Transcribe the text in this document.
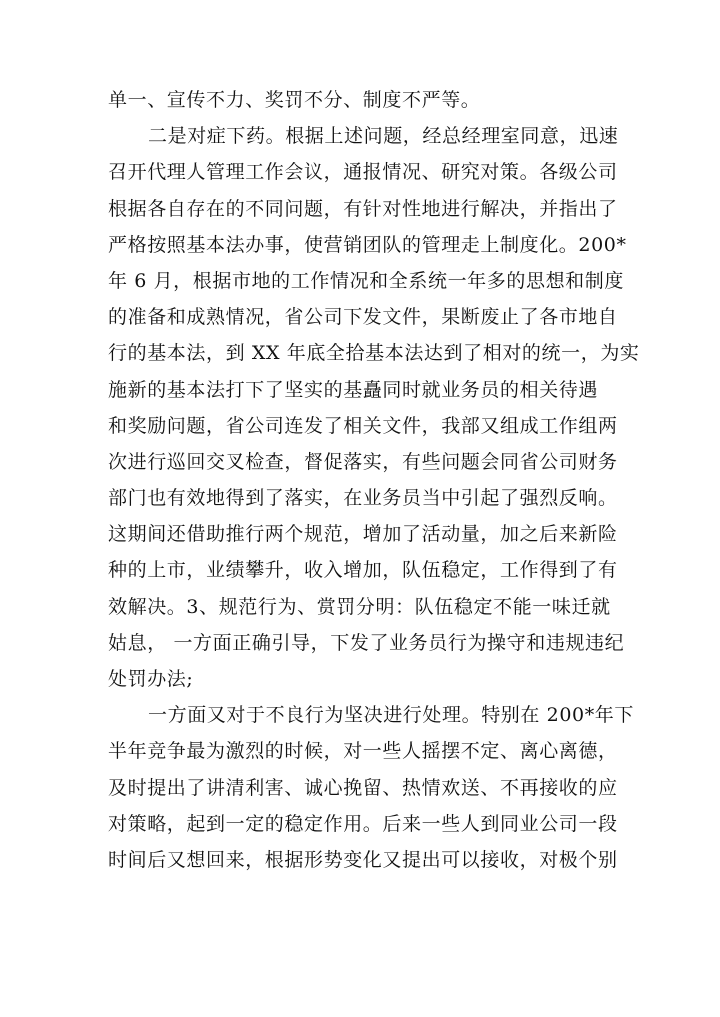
单一、宣传不力、奖罚不分、制度不严等。
二是对症下药。根据上述问题，经总经理室同意，迅速
召开代理人管理工作会议，通报情况、研究对策。各级公司
根据各自存在的不同问题，有针对性地进行解决，并指出了
严格按照基本法办事，使营销团队的管理走上制度化。200*
年 6 月，根据市地的工作情况和全系统一年多的思想和制度
的准备和成熟情况，省公司下发文件，果断废止了各市地自
行的基本法，到 XX 年底全拾基本法达到了相对的统一，为实
施新的基本法打下了坚实的基矗同时就业务员的相关待遇
和奖励问题，省公司连发了相关文件，我部又组成工作组两
次进行巡回交叉检查，督促落实，有些问题会同省公司财务
部门也有效地得到了落实，在业务员当中引起了强烈反响。
这期间还借助推行两个规范，增加了活动量，加之后来新险
种的上市，业绩攀升，收入增加，队伍稳定，工作得到了有
效解决。3、规范行为、赏罚分明：队伍稳定不能一味迁就
姑息， 一方面正确引导，下发了业务员行为操守和违规违纪
处罚办法;
一方面又对于不良行为坚决进行处理。特别在 200*年下
半年竞争最为激烈的时候，对一些人摇摆不定、离心离德，
及时提出了讲清利害、诚心挽留、热情欢送、不再接收的应
对策略，起到一定的稳定作用。后来一些人到同业公司一段
时间后又想回来，根据形势变化又提出可以接收，对极个别
